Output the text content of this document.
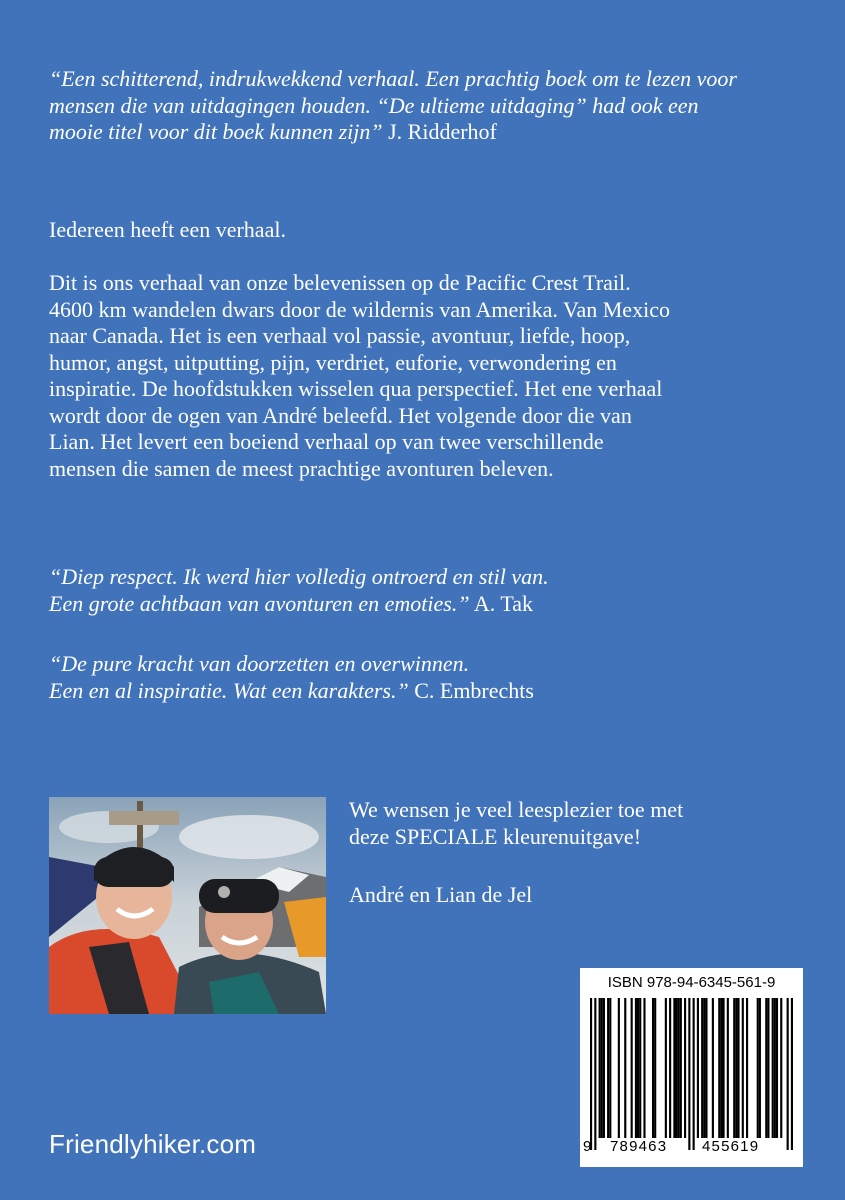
“Een schitterend, indrukwekkend verhaal. Een prachtig boek om te lezen voor
mensen die van uitdagingen houden. “De ultieme uitdaging” had ook een
mooie titel voor dit boek kunnen zijn” J. Ridderhof
Iedereen heeft een verhaal.
Dit is ons verhaal van onze belevenissen op de Pacific Crest Trail.
4600 km wandelen dwars door de wildernis van Amerika. Van Mexico
naar Canada. Het is een verhaal vol passie, avontuur, liefde, hoop,
humor, angst, uitputting, pijn, verdriet, euforie, verwondering en
inspiratie. De hoofdstukken wisselen qua perspectief. Het ene verhaal
wordt door de ogen van André beleefd. Het volgende door die van
Lian. Het levert een boeiend verhaal op van twee verschillende
mensen die samen de meest prachtige avonturen beleven.
“Diep respect. Ik werd hier volledig ontroerd en stil van.
Een grote achtbaan van avonturen en emoties.” A. Tak
“De pure kracht van doorzetten en overwinnen.
Een en al inspiratie. Wat een karakters.” C. Embrechts
We wensen je veel leesplezier toe met
deze SPECIALE kleurenuitgave!
André en Lian de Jel
Friendlyhiker.com
ISBN 978-94-6345-561-9
9 789463 455619
